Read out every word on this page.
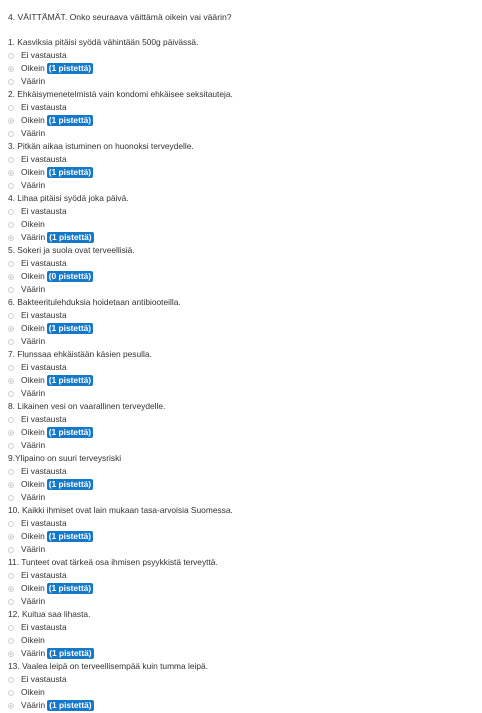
4. VÄITTÄMÄT. Onko seuraava väittämä oikein vai väärin?
1. Kasviksia pitäisi syödä vähintään 500g päivässä.
Ei vastausta
Oikein (1 pistettä)
Väärin
2. Ehkäisymenetelmistä vain kondomi ehkäisee seksitauteja.
Ei vastausta
Oikein (1 pistettä)
Väärin
3. Pitkän aikaa istuminen on huonoksi terveydelle.
Ei vastausta
Oikein (1 pistettä)
Väärin
4. Lihaa pitäisi syödä joka päivä.
Ei vastausta
Oikein
Väärin (1 pistettä)
5. Sokeri ja suola ovat terveellisiä.
Ei vastausta
Oikein (0 pistettä)
Väärin
6. Bakteeritulehduksia hoidetaan antibiooteilla.
Ei vastausta
Oikein (1 pistettä)
Väärin
7. Flunssaa ehkäistään käsien pesulla.
Ei vastausta
Oikein (1 pistettä)
Väärin
8. Likainen vesi on vaarallinen terveydelle.
Ei vastausta
Oikein (1 pistettä)
Väärin
9.Ylipaino on suuri terveysriski
Ei vastausta
Oikein (1 pistettä)
Väärin
10. Kaikki ihmiset ovat lain mukaan tasa-arvoisia Suomessa.
Ei vastausta
Oikein (1 pistettä)
Väärin
11. Tunteet ovat tärkeä osa ihmisen psyykkistä terveyttä.
Ei vastausta
Oikein (1 pistettä)
Väärin
12. Kuitua saa lihasta.
Ei vastausta
Oikein
Väärin (1 pistettä)
13. Vaalea leipä on terveellisempää kuin tumma leipä.
Ei vastausta
Oikein
Väärin (1 pistettä)
